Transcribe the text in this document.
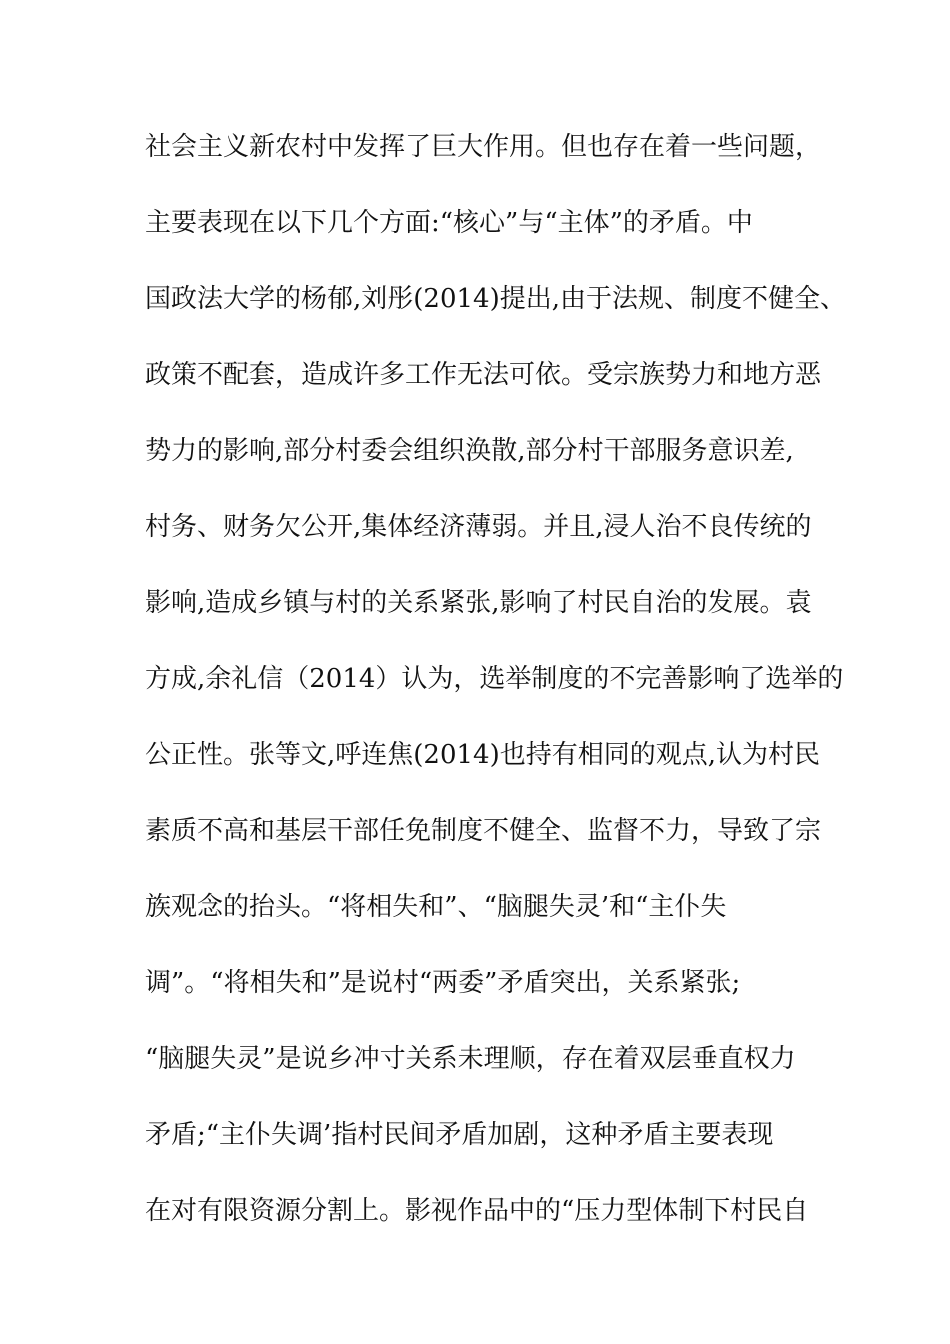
社会主义新农村中发挥了巨大作用。但也存在着一些问题，
主要表现在以下几个方面:“核心”与“主体”的矛盾。中
国政法大学的杨郁,刘彤(2014)提出,由于法规、制度不健全、
政策不配套，造成许多工作无法可依。受宗族势力和地方恶
势力的影响,部分村委会组织涣散,部分村干部服务意识差,
村务、财务欠公开,集体经济薄弱。并且,浸人治不良传统的
影响,造成乡镇与村的关系紧张,影响了村民自治的发展。袁
方成,余礼信（2014）认为，选举制度的不完善影响了选举的
公正性。张等文,呼连焦(2014)也持有相同的观点,认为村民
素质不高和基层干部任免制度不健全、监督不力，导致了宗
族观念的抬头。“将相失和”、“脑腿失灵’和“主仆失
调”。“将相失和”是说村“两委”矛盾突出，关系紧张;
“脑腿失灵”是说乡冲寸关系未理顺，存在着双层垂直权力
矛盾;“主仆失调’指村民间矛盾加剧，这种矛盾主要表现
在对有限资源分割上。影视作品中的“压力型体制下村民自
